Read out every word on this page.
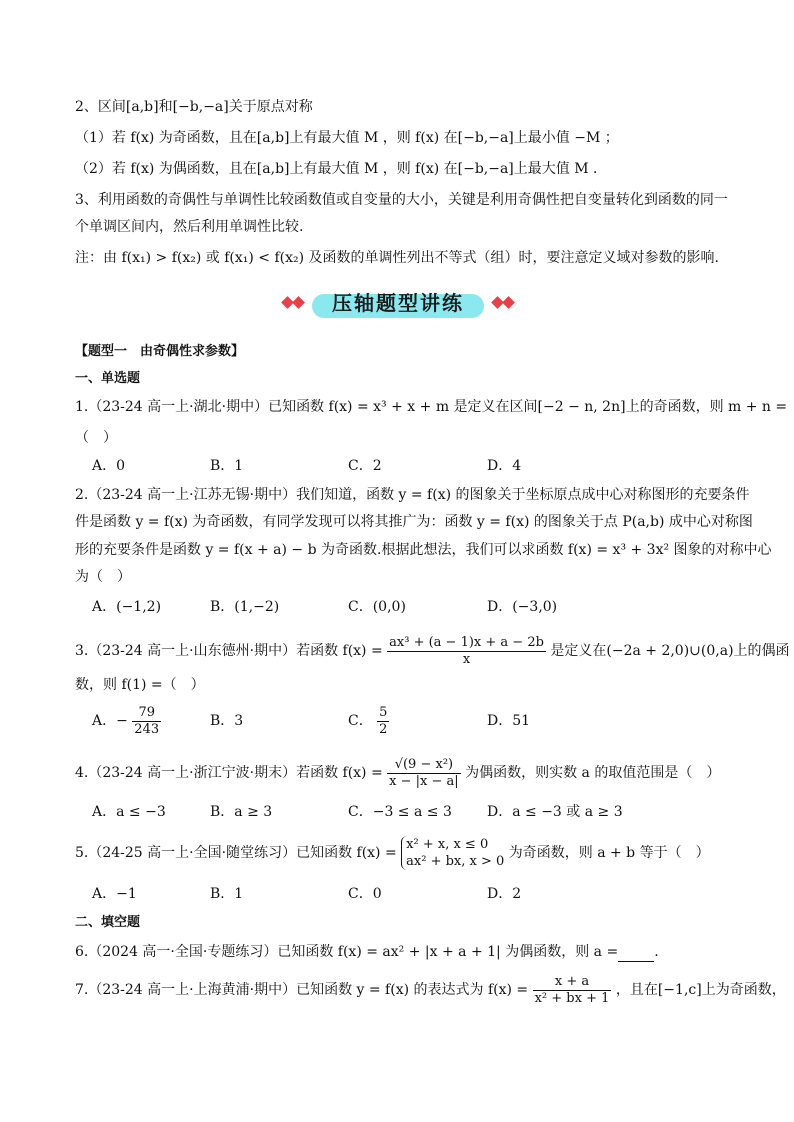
2、区间[a,b]和[−b,−a]关于原点对称
（1）若 f(x) 为奇函数，且在[a,b]上有最大值 M ，则 f(x) 在[−b,−a]上最小值 −M ；
（2）若 f(x) 为偶函数，且在[a,b]上有最大值 M ，则 f(x) 在[−b,−a]上最大值 M ．
3、利用函数的奇偶性与单调性比较函数值或自变量的大小，关键是利用奇偶性把自变量转化到函数的同一
个单调区间内，然后利用单调性比较.
注：由 f(x₁) > f(x₂) 或 f(x₁) < f(x₂) 及函数的单调性列出不等式（组）时，要注意定义域对参数的影响.
压轴题型讲练
【题型一　由奇偶性求参数】
一、单选题
1.（23-24 高一上·湖北·期中）已知函数 f(x) = x³ + x + m 是定义在区间[−2 − n, 2n]上的奇函数，则 m + n =
（　）
A．0	B．1	C．2	D．4
2.（23-24 高一上·江苏无锡·期中）我们知道，函数 y = f(x) 的图象关于坐标原点成中心对称图形的充要条件
件是函数 y = f(x) 为奇函数，有同学发现可以将其推广为：函数 y = f(x) 的图象关于点 P(a,b) 成中心对称图
形的充要条件是函数 y = f(x + a) − b 为奇函数.根据此想法，我们可以求函数 f(x) = x³ + 3x² 图象的对称中心
为（　）
A．(−1,2)	B．(1,−2)	C．(0,0)	D．(−3,0)
3.（23-24 高一上·山东德州·期中）若函数 $f(x) = \frac{\text{ax³ + (a − 1)x + a − 2b}}{x}$ 是定义在(−2a + 2,0)∪(0,a)上的偶函
数，则 f(1) =（　）
A．− $\frac{79}{243}$	B．3	C． $\frac{5}{2}$	D．51
4.（23-24 高一上·浙江宁波·期末）若函数 $f(x) = \frac{\text{√(9 − x²)}}{x - |x - a|}$ 为偶函数，则实数 a 的取值范围是（　）
A．a ≤ −3	B．a ≥ 3	C．−3 ≤ a ≤ 3	D．a ≤ −3 或 a ≥ 3
5.（24-25 高一上·全国·随堂练习）已知函数 f(x) =
x² + x, x ≤ 0
ax² + bx, x > 0
为奇函数，则 a + b 等于（　）
A．−1	B．1	C．0	D．2
二、填空题
6.（2024 高一·全国·专题练习）已知函数 f(x) = ax² + |x + a + 1| 为偶函数，则 a =	.
7.（23-24 高一上·上海黄浦·期中）已知函数 y = f(x) 的表达式为 $f(x) = \frac{x + a}{\text{x² + bx + 1}}$ ，且在[−1,c]上为奇函数，
